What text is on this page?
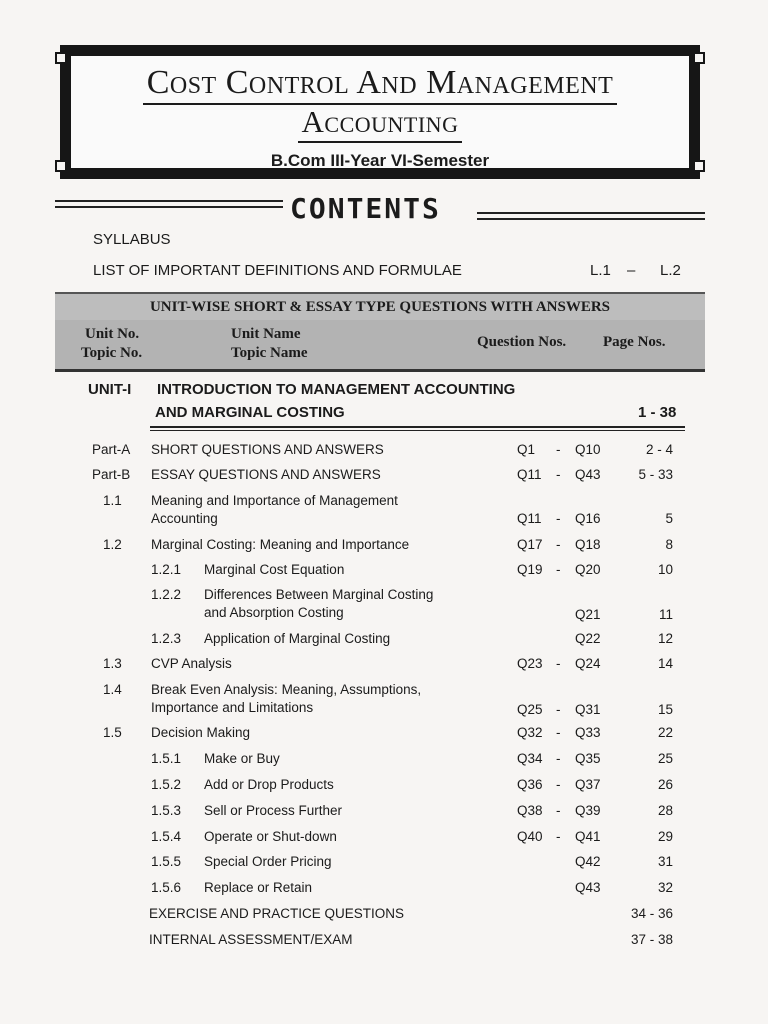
Cost Control And Management
Accounting
B.Com III-Year VI-Semester
CONTENTS
SYLLABUS
LIST OF IMPORTANT DEFINITIONS AND FORMULAE	L.1 – L.2
UNIT-WISE SHORT & ESSAY TYPE QUESTIONS WITH ANSWERS
Unit No.
Topic No.
Unit Name
Topic Name
Question Nos. Page Nos.
UNIT-I INTRODUCTION TO MANAGEMENT ACCOUNTING
AND MARGINAL COSTING	1 - 38
Part-A SHORT QUESTIONS AND ANSWERS	Q1 - Q10	2 - 4
Part-B ESSAY QUESTIONS AND ANSWERS	Q11 - Q43	5 - 33
1.1 Meaning and Importance of Management
Accounting	Q11 - Q16	5
1.2 Marginal Costing: Meaning and Importance	Q17 - Q18	8
1.2.1 Marginal Cost Equation	Q19 - Q20	10
1.2.2 Differences Between Marginal Costing
and Absorption Costing	Q21	11
1.2.3 Application of Marginal Costing	Q22	12
1.3 CVP Analysis	Q23 - Q24	14
1.4 Break Even Analysis: Meaning, Assumptions,
Importance and Limitations	Q25 - Q31	15
1.5 Decision Making	Q32 - Q33	22
1.5.1 Make or Buy	Q34 - Q35	25
1.5.2 Add or Drop Products	Q36 - Q37	26
1.5.3 Sell or Process Further	Q38 - Q39	28
1.5.4 Operate or Shut-down	Q40 - Q41	29
1.5.5 Special Order Pricing	Q42	31
1.5.6 Replace or Retain	Q43	32
EXERCISE AND PRACTICE QUESTIONS	34 - 36
INTERNAL ASSESSMENT/EXAM	37 - 38
